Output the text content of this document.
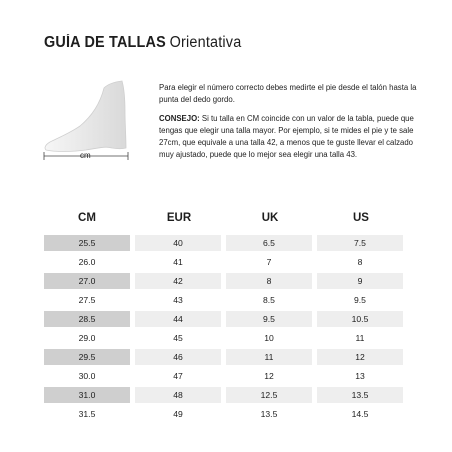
GUÍA DE TALLAS Orientativa
cm

Para elegir el número correcto debes medirte el pie desde el talón hasta la punta del dedo gordo.

CONSEJO: Si tu talla en CM coincide con un valor de la tabla, puede que tengas que elegir una talla mayor. Por ejemplo, si te mides el pie y te sale 27cm, que equivale a una talla 42, a menos que te guste llevar el calzado muy ajustado, puede que lo mejor sea elegir una talla 43.

CM	EUR	UK	US
25.5	40	6.5	7.5
26.0	41	7	8
27.0	42	8	9
27.5	43	8.5	9.5
28.5	44	9.5	10.5
29.0	45	10	11
29.5	46	11	12
30.0	47	12	13
31.0	48	12.5	13.5
31.5	49	13.5	14.5
